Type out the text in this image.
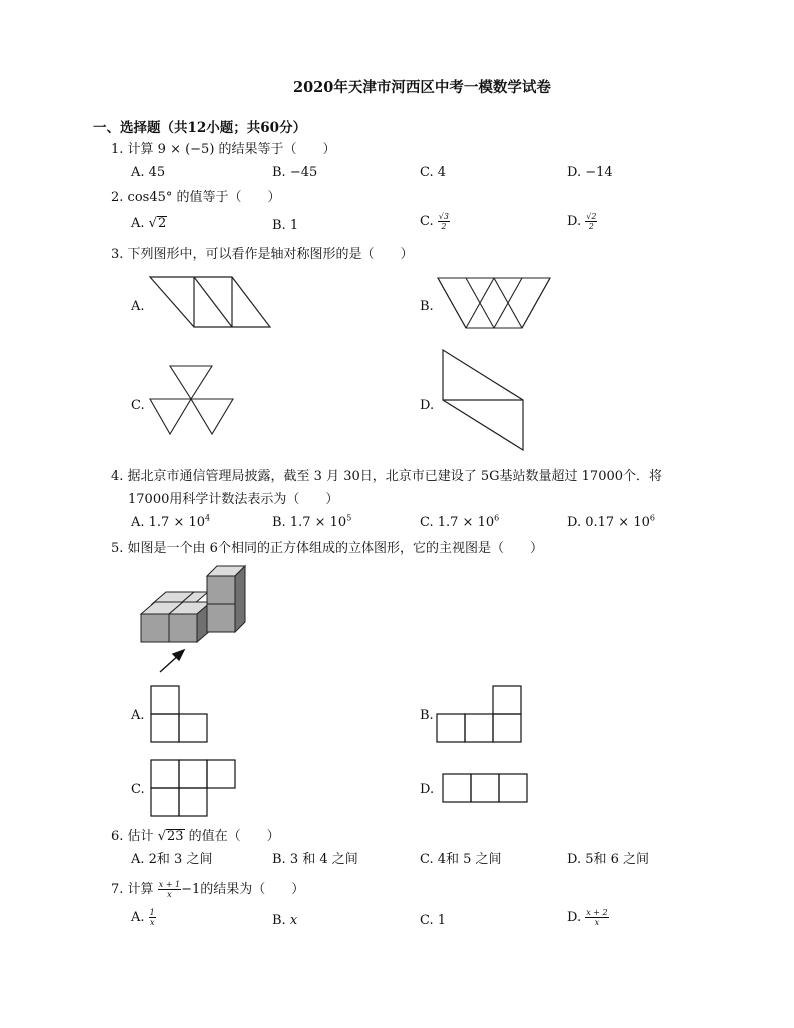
2020年天津市河西区中考一模数学试卷
一、选择题（共12小题；共60分）
1. 计算 9 × (−5) 的结果等于（　　）
A. 45	B. −45	C. 4	D. −14
2. cos45° 的值等于（　　）
A. √2	B. 1	C. $\frac{√3}{2}$	D. $\frac{√2}{2}$
3. 下列图形中，可以看作是轴对称图形的是（　　）
A.	B.
C.	D.
4. 据北京市通信管理局披露，截至 3 月 30日，北京市已建设了 5G基站数量超过 17000个．将
17000用科学计数法表示为（　　）
A. $1.7 \times 10^4$	B. $1.7 \times 10^5$	C. $1.7 \times 10^6$	D. $0.17 \times 10^6$
5. 如图是一个由 6个相同的正方体组成的立体图形，它的主视图是（　　）
A.	B.
C.	D.
6. 估计 √23 的值在（　　）
A. 2和 3 之间	B. 3 和 4 之间	C. 4和 5 之间	D. 5和 6 之间
7. 计算 $\frac{x + 1}{x} -1$的结果为（　　）
A. $\frac{1}{x}$	B. x	C. 1	D. $\frac{x + 2}{x}$
